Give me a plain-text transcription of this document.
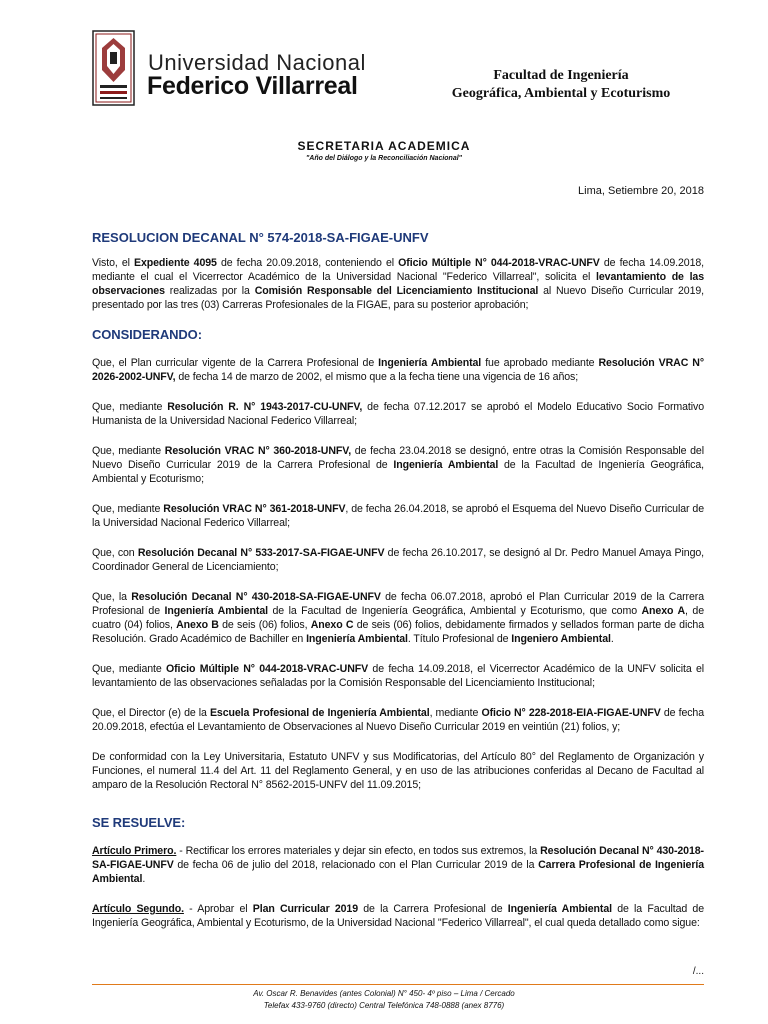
Universidad Nacional
Federico Villarreal	Facultad de Ingeniería
Geográfica, Ambiental y Ecoturismo
SECRETARIA ACADEMICA
"Año del Diálogo y la Reconciliación Nacional"
Lima, Setiembre 20, 2018
RESOLUCION DECANAL N° 574-2018-SA-FIGAE-UNFV

Visto, el Expediente 4095 de fecha 20.09.2018, conteniendo el Oficio Múltiple N° 044-2018-VRAC-UNFV de fecha 14.09.2018, mediante el cual el Vicerrector Académico de la Universidad Nacional "Federico Villarreal", solicita el levantamiento de las observaciones realizadas por la Comisión Responsable del Licenciamiento Institucional al Nuevo Diseño Curricular 2019, presentado por las tres (03) Carreras Profesionales de la FIGAE, para su posterior aprobación;

CONSIDERANDO:

Que, el Plan curricular vigente de la Carrera Profesional de Ingeniería Ambiental fue aprobado mediante Resolución VRAC N° 2026-2002-UNFV, de fecha 14 de marzo de 2002, el mismo que a la fecha tiene una vigencia de 16 años;

Que, mediante Resolución R. N° 1943-2017-CU-UNFV, de fecha 07.12.2017 se aprobó el Modelo Educativo Socio Formativo Humanista de la Universidad Nacional Federico Villarreal;

Que, mediante Resolución VRAC N° 360-2018-UNFV, de fecha 23.04.2018 se designó, entre otras la Comisión Responsable del Nuevo Diseño Curricular 2019 de la Carrera Profesional de Ingeniería Ambiental de la Facultad de Ingeniería Geográfica, Ambiental y Ecoturismo;

Que, mediante Resolución VRAC N° 361-2018-UNFV, de fecha 26.04.2018, se aprobó el Esquema del Nuevo Diseño Curricular de la Universidad Nacional Federico Villarreal;

Que, con Resolución Decanal N° 533-2017-SA-FIGAE-UNFV de fecha 26.10.2017, se designó al Dr. Pedro Manuel Amaya Pingo, Coordinador General de Licenciamiento;

Que, la Resolución Decanal N° 430-2018-SA-FIGAE-UNFV de fecha 06.07.2018, aprobó el Plan Curricular 2019 de la Carrera Profesional de Ingeniería Ambiental de la Facultad de Ingeniería Geográfica, Ambiental y Ecoturismo, que como Anexo A, de cuatro (04) folios, Anexo B de seis (06) folios, Anexo C de seis (06) folios, debidamente firmados y sellados forman parte de dicha Resolución. Grado Académico de Bachiller en Ingeniería Ambiental. Título Profesional de Ingeniero Ambiental.

Que, mediante Oficio Múltiple N° 044-2018-VRAC-UNFV de fecha 14.09.2018, el Vicerrector Académico de la UNFV solicita el levantamiento de las observaciones señaladas por la Comisión Responsable del Licenciamiento Institucional;

Que, el Director (e) de la Escuela Profesional de Ingeniería Ambiental, mediante Oficio N° 228-2018-EIA-FIGAE-UNFV de fecha 20.09.2018, efectúa el Levantamiento de Observaciones al Nuevo Diseño Curricular 2019 en veintiún (21) folios, y;

De conformidad con la Ley Universitaria, Estatuto UNFV y sus Modificatorias, del Artículo 80° del Reglamento de Organización y Funciones, el numeral 11.4 del Art. 11 del Reglamento General, y en uso de las atribuciones conferidas al Decano de Facultad al amparo de la Resolución Rectoral N° 8562-2015-UNFV del 11.09.2015;

SE RESUELVE:

Artículo Primero. - Rectificar los errores materiales y dejar sin efecto, en todos sus extremos, la Resolución Decanal N° 430-2018-SA-FIGAE-UNFV de fecha 06 de julio del 2018, relacionado con el Plan Curricular 2019 de la Carrera Profesional de Ingeniería Ambiental.

Artículo Segundo. - Aprobar el Plan Curricular 2019 de la Carrera Profesional de Ingeniería Ambiental de la Facultad de Ingeniería Geográfica, Ambiental y Ecoturismo, de la Universidad Nacional "Federico Villarreal", el cual queda detallado como sigue:

/...
Av. Oscar R. Benavides (antes Colonial) N° 450- 4º piso – Lima / Cercado
Telefax 433-9760 (directo) Central Telefónica 748-0888 (anex 8776)
